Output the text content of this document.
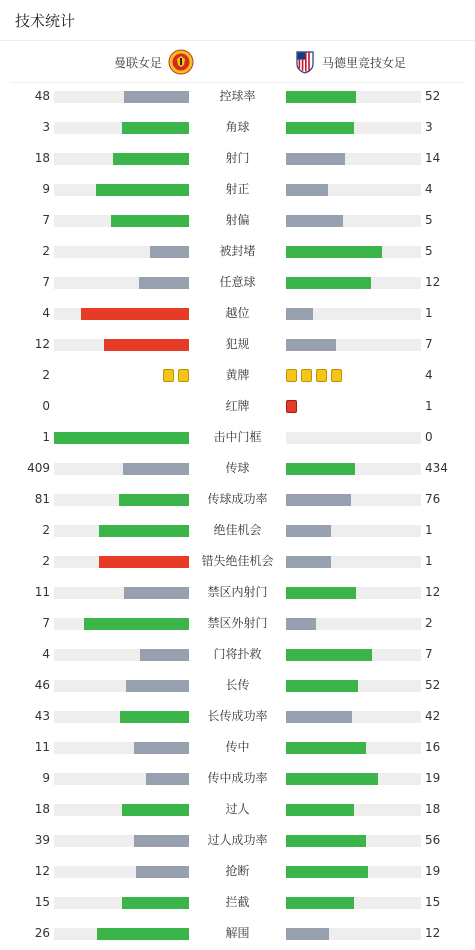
技术统计
曼联女足	马德里竞技女足
48	控球率	52
3	角球	3
18	射门	14
9	射正	4
7	射偏	5
2	被封堵	5
7	任意球	12
4	越位	1
12	犯规	7
2	黄牌	4
0	红牌	1
1	击中门框	0
409	传球	434
81	传球成功率	76
2	绝佳机会	1
2	错失绝佳机会	1
11	禁区内射门	12
7	禁区外射门	2
4	门将扑救	7
46	长传	52
43	长传成功率	42
11	传中	16
9	传中成功率	19
18	过人	18
39	过人成功率	56
12	抢断	19
15	拦截	15
26	解围	12
